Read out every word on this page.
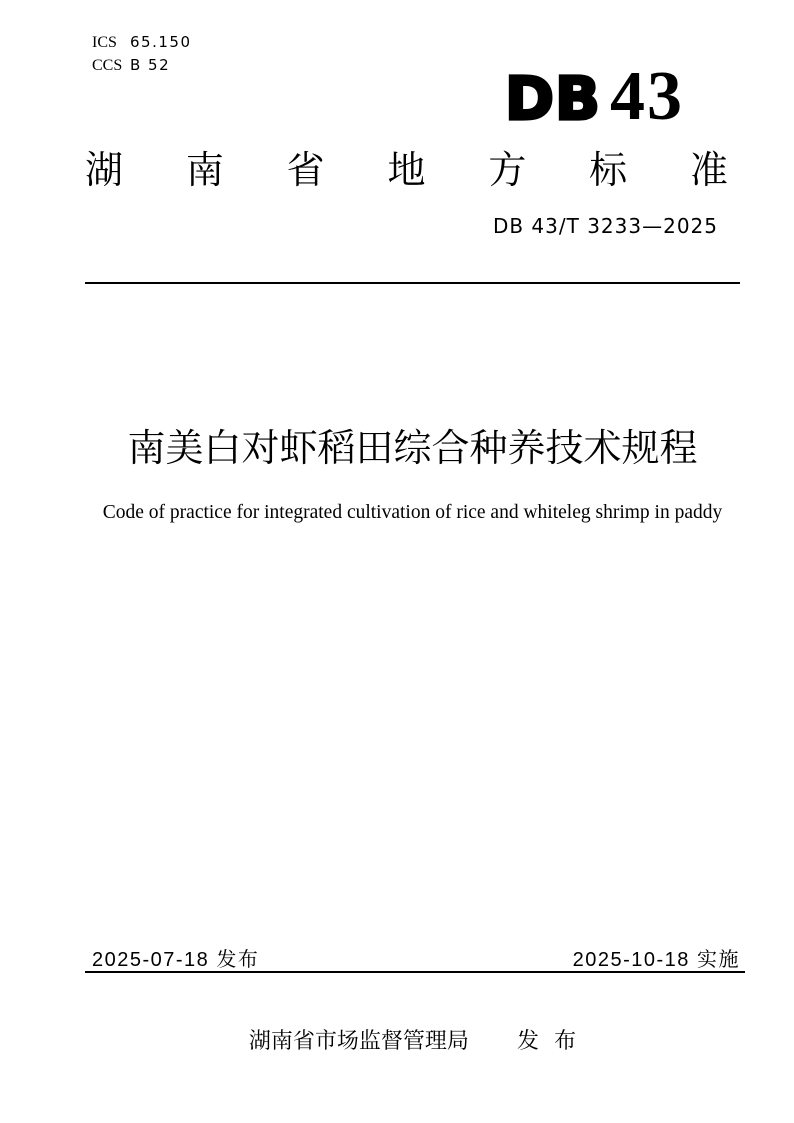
ICS 65.150
CCS B 52	DB 43
湖南省地方标准
DB 43/T 3233—2025
南美白对虾稻田综合种养技术规程
Code of practice for integrated cultivation of rice and whiteleg shrimp in paddy
2025-07-18 发布	2025-10-18 实施
湖南省市场监督管理局 发 布
